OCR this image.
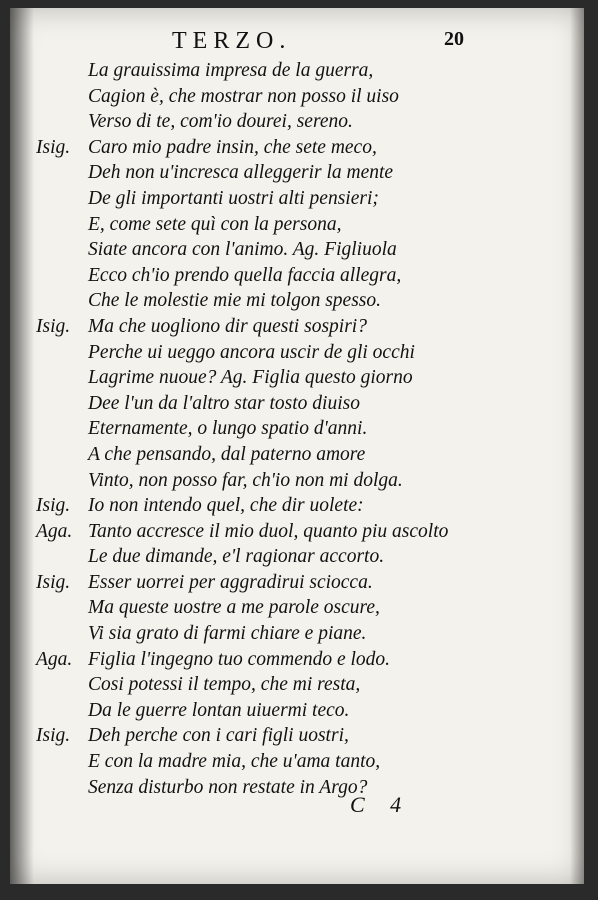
TERZO.	20
La grauissima impresa de la guerra,
Cagion è, che mostrar non posso il uiso
Verso di te, com'io dourei, sereno.
Isig. Caro mio padre insin, che sete meco,
Deh non u'incresca alleggerir la mente
De gli importanti uostri alti pensieri;
E, come sete quì con la persona,
Siate ancora con l'animo. Ag. Figliuola
Ecco ch'io prendo quella faccia allegra,
Che le molestie mie mi tolgon spesso.
Isig. Ma che uogliono dir questi sospiri?
Perche ui ueggo ancora uscir de gli occhi
Lagrime nuoue? Ag. Figlia questo giorno
Dee l'un da l'altro star tosto diuiso
Eternamente, o lungo spatio d'anni.
A che pensando, dal paterno amore
Vinto, non posso far, ch'io non mi dolga.
Isig. Io non intendo quel, che dir uolete:
Aga. Tanto accresce il mio duol, quanto piu ascolto
Le due dimande, e'l ragionar accorto.
Isig. Esser uorrei per aggradirui sciocca.
Ma queste uostre a me parole oscure,
Vi sia grato di farmi chiare e piane.
Aga. Figlia l'ingegno tuo commendo e lodo.
Cosi potessi il tempo, che mi resta,
Da le guerre lontan uiuermi teco.
Isig. Deh perche con i cari figli uostri,
E con la madre mia, che u'ama tanto,
Senza disturbo non restate in Argo?
C 4
